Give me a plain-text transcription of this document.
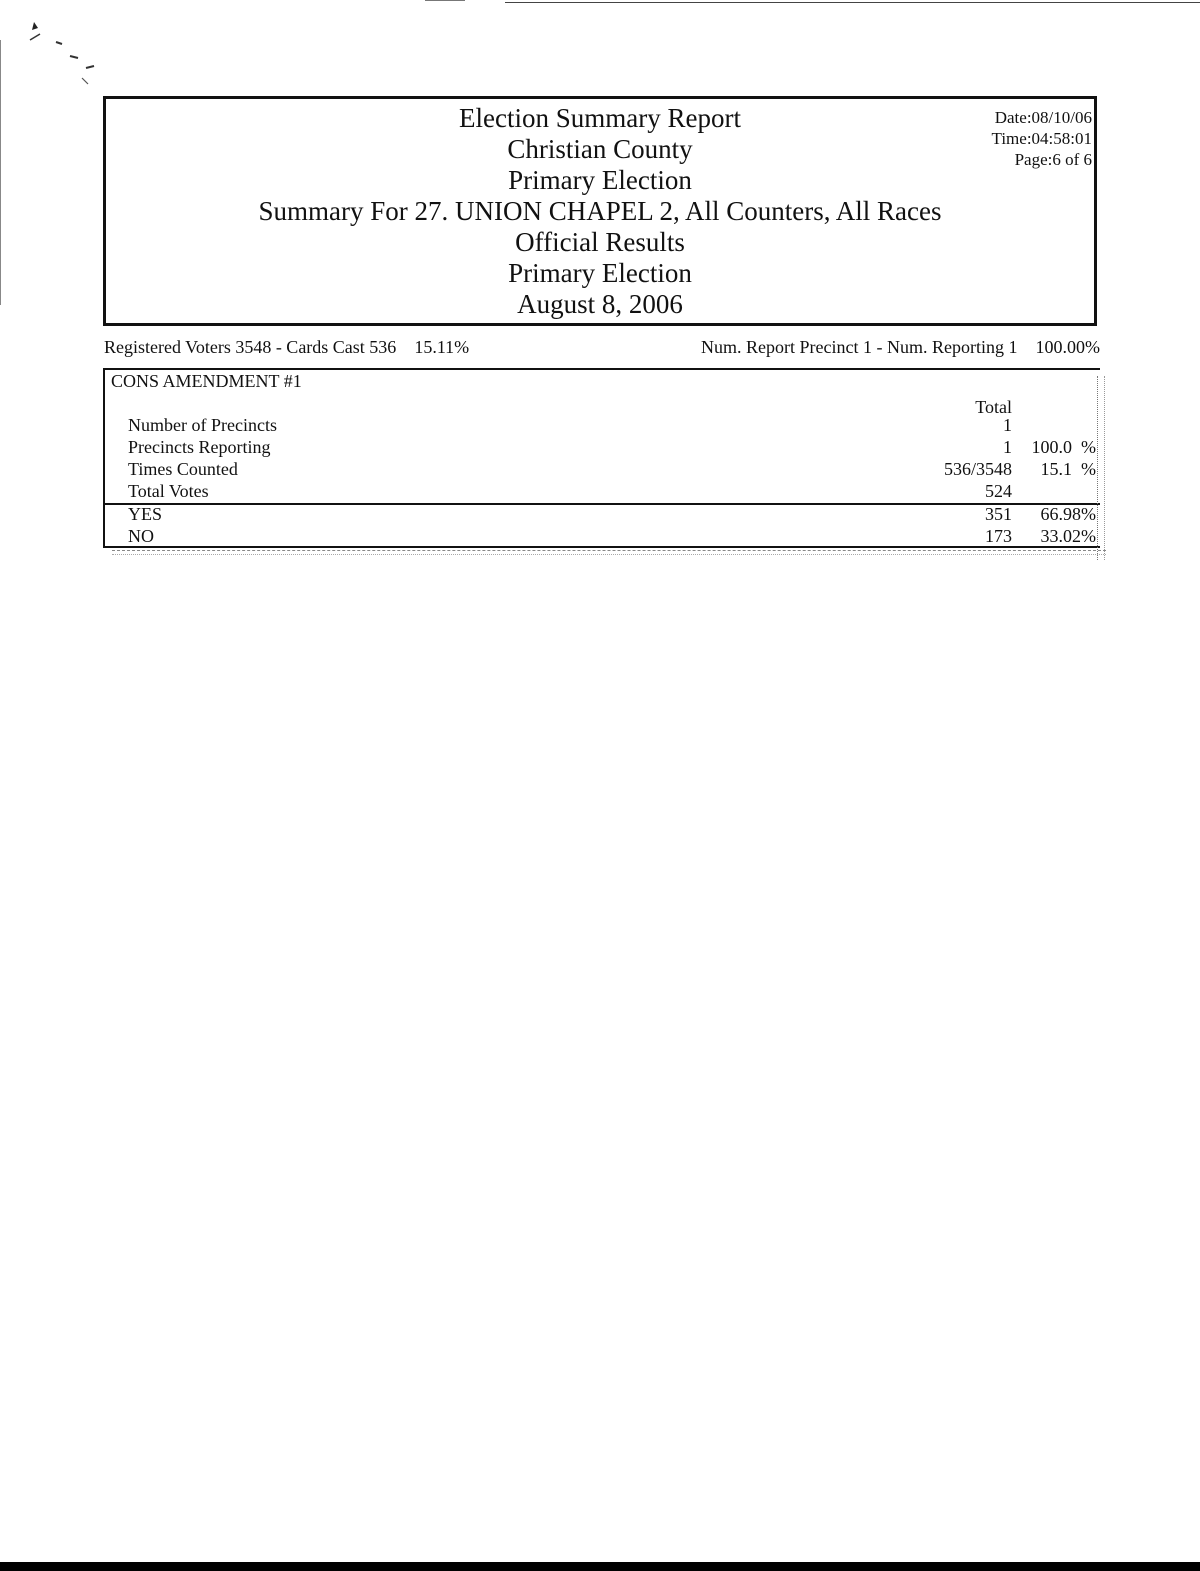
Election Summary Report
Christian County
Primary Election
Summary For 27. UNION CHAPEL 2, All Counters, All Races
Official Results
Primary Election
August 8, 2006
Date:08/10/06
Time:04:58:01
Page:6 of 6
Registered Voters 3548 - Cards Cast 536 15.11%	Num. Report Precinct 1 - Num. Reporting 1 100.00%
CONS AMENDMENT #1
Total
Number of Precincts	1
Precincts Reporting	1 100.0  %
Times Counted	536/3548 15.1  %
Total Votes	524
YES	351 66.98%
NO	173 33.02%
